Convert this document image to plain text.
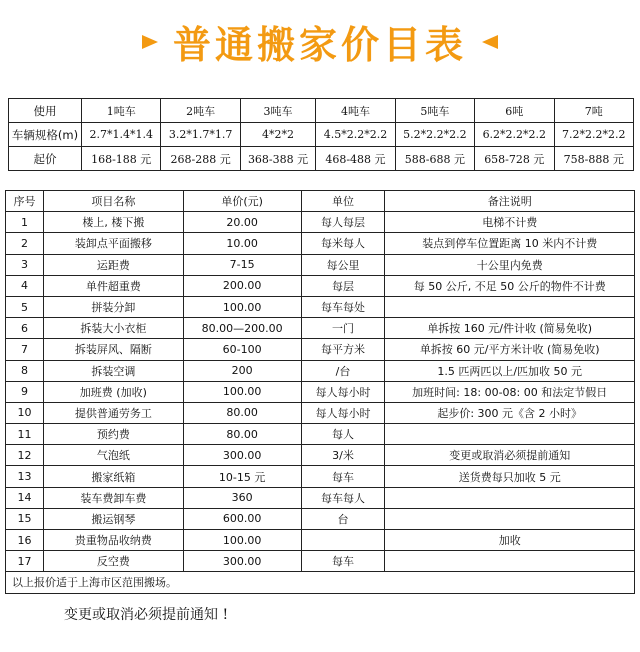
普通搬家价目表
使用	1吨车	2吨车	3吨车	4吨车	5吨车	6吨	7吨
车辆规格(m)	2.7*1.4*1.4	3.2*1.7*1.7	4*2*2	4.5*2.2*2.2	5.2*2.2*2.2	6.2*2.2*2.2	7.2*2.2*2.2
起价	168-188 元	268-288 元	368-388 元	468-488 元	588-688 元	658-728 元	758-888 元
序号	项目名称	单价(元)	单位	备注说明
1	楼上, 楼下搬	20.00	每人每层	电梯不计费
2	装卸点平面搬移	10.00	每米每人	装点到停车位置距离 10 米内不计费
3	运距费	7-15	每公里	十公里内免费
4	单件超重费	200.00	每层	每 50 公斤, 不足 50 公斤的物件不计费
5	拼装分卸	100.00	每车每处	
6	拆装大小衣柜	80.00—200.00	一门	单拆按 160 元/件计收 (简易免收)
7	拆装屏风、隔断	60-100	每平方米	单拆按 60 元/平方米计收 (简易免收)
8	拆装空调	200	/台	1.5 匹两匹以上/匹加收 50 元
9	加班费 (加收)	100.00	每人每小时	加班时间: 18: 00-08: 00 和法定节假日
10	提供普通劳务工	80.00	每人每小时	起步价: 300 元《含 2 小时》
11	预约费	80.00	每人	
12	气泡纸	300.00	3/米	变更或取消必须提前通知
13	搬家纸箱	10-15 元	每车	送货费每只加收 5 元
14	装车费卸车费	360	每车每人	
15	搬运钢琴	600.00	台	
16	贵重物品收纳费	100.00		加收
17	反空费	300.00	每车	
以上报价适于上海市区范围搬场。				
变更或取消必须提前通知 !
